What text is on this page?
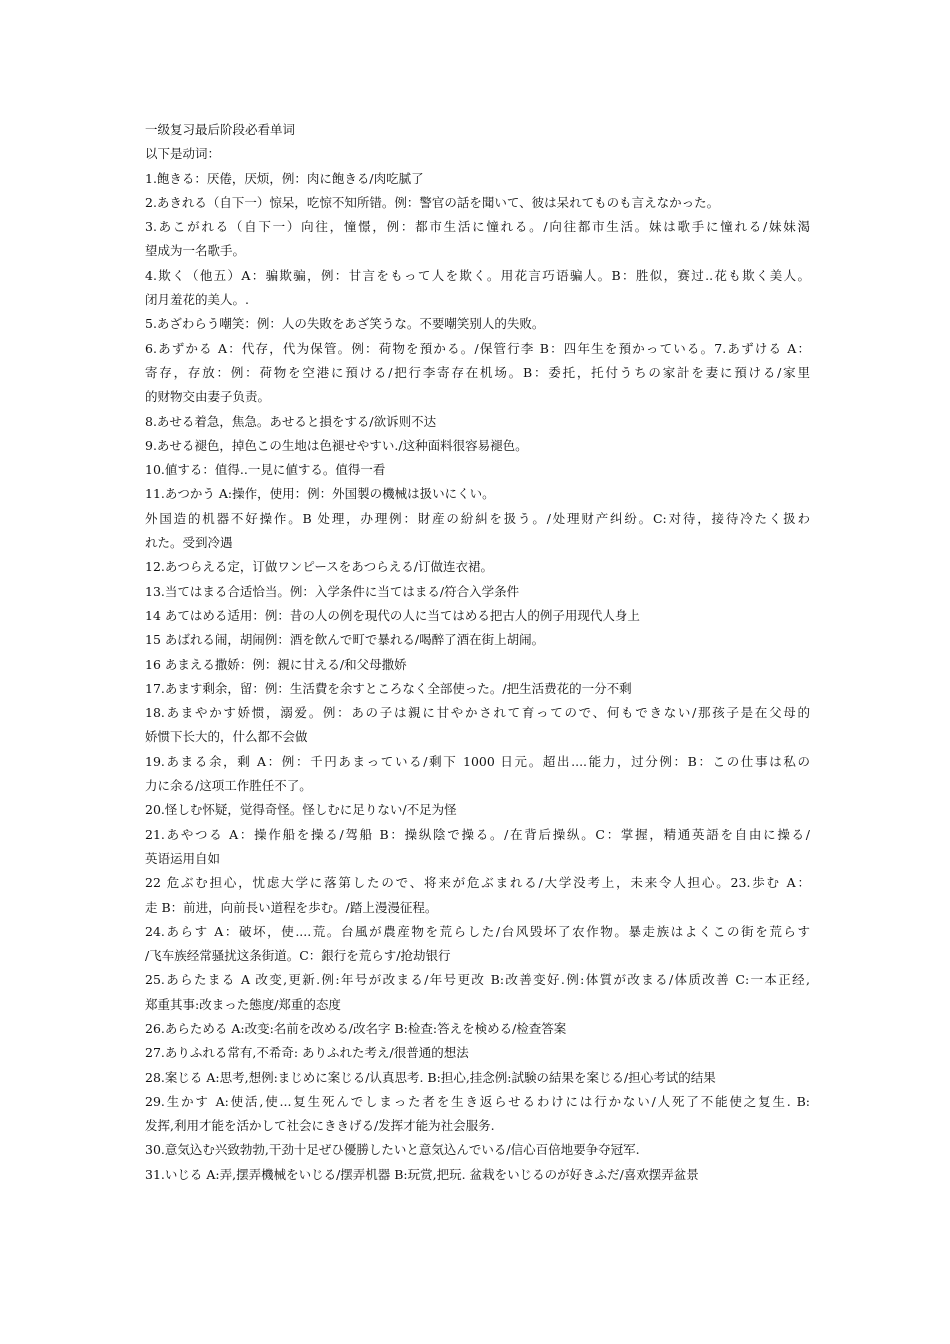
一级复习最后阶段必看单词
以下是动词：
1.飽きる：厌倦，厌烦，例：肉に飽きる/肉吃腻了
2.あきれる（自下一）惊呆，吃惊不知所错。例：警官の話を聞いて、彼は呆れてものも言えなかった。
3.あこがれる（自下一）向往，憧憬，例：都市生活に憧れる。/向往都市生活。妹は歌手に憧れる/妹妹渴
望成为一名歌手。
4.欺く（他五）A：骗欺骗，例：甘言をもって人を欺く。用花言巧语骗人。B：胜似，赛过..花も欺く美人。
闭月羞花的美人。.
5.あざわらう嘲笑：例：人の失敗をあざ笑うな。不要嘲笑别人的失败。
6.あずかる A：代存，代为保管。例：荷物を預かる。/保管行李 B：四年生を預かっている。7.あずける A：
寄存，存放：例：荷物を空港に預ける/把行李寄存在机场。B：委托，托付うちの家計を妻に預ける/家里
的财物交由妻子负责。
8.あせる着急，焦急。あせると損をする/欲诉则不达
9.あせる褪色，掉色この生地は色褪せやすい./这种面料很容易褪色。
10.値する：值得..一見に値する。值得一看
11.あつかう A:操作，使用：例：外国製の機械は扱いにくい。
外国造的机器不好操作。B 处理，办理例：財産の紛糾を扱う。/处理财产纠纷。C:对待，接待冷たく扱わ
れた。受到冷遇
12.あつらえる定，订做ワンピースをあつらえる/订做连衣裙。
13.当てはまる合适恰当。例：入学条件に当てはまる/符合入学条件
14 あてはめる适用：例：昔の人の例を現代の人に当てはめる把古人的例子用现代人身上
15 あばれる闹，胡闹例：酒を飲んで町で暴れる/喝醉了酒在街上胡闹。
16 あまえる撒娇：例：親に甘える/和父母撒娇
17.あます剩余，留：例：生活費を余すところなく全部使った。/把生活费花的一分不剩
18.あまやかす娇惯，溺爱。例：あの子は親に甘やかされて育ってので、何もできない/那孩子是在父母的
娇惯下长大的，什么都不会做
19.あまる余，剩 A：例：千円あまっている/剩下 1000 日元。超出....能力，过分例：B：この仕事は私の
力に余る/这项工作胜任不了。
20.怪しむ怀疑，觉得奇怪。怪しむに足りない/不足为怪
21.あやつる A：操作船を操る/驾船 B：操纵陰で操る。/在背后操纵。C：掌握，精通英語を自由に操る/
英语运用自如
22 危ぶむ担心，忧虑大学に落第したので、将来が危ぶまれる/大学没考上，未来令人担心。23.歩む A：
走 B：前进，向前長い道程を歩む。/踏上漫漫征程。
24.あらす A：破坏，使....荒。台風が農産物を荒らした/台风毁坏了农作物。暴走族はよくこの街を荒らす
/飞车族经常骚扰这条街道。C：銀行を荒らす/抢劫银行
25.あらたまる A 改变,更新.例:年号が改まる/年号更改 B:改善变好.例:体質が改まる/体质改善 C:一本正经,
郑重其事:改まった態度/郑重的态度
26.あらためる A:改变:名前を改める/改名字 B:检查:答えを検める/检查答案
27.ありふれる常有,不希奇: ありふれた考え/很普通的想法
28.案じる A:思考,想例:まじめに案じる/认真思考. B:担心,挂念例:試験の結果を案じる/担心考试的结果
29.生かす A:使活,使...复生死んでしまった者を生き返らせるわけには行かない/人死了不能使之复生. B:
发挥,利用才能を活かして社会にききげる/发挥才能为社会服务.
30.意気込む兴致勃勃,干劲十足ぜひ優勝したいと意気込んでいる/信心百倍地要争夺冠军.
31.いじる A:弄,摆弄機械をいじる/摆弄机器 B:玩赏,把玩. 盆栽をいじるのが好きふだ/喜欢摆弄盆景
